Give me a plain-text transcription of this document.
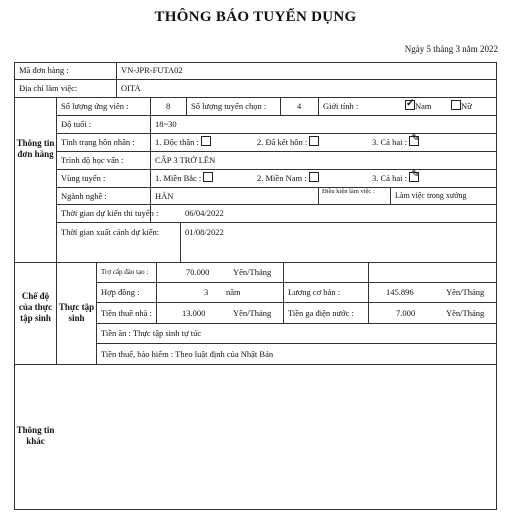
THÔNG BÁO TUYỂN DỤNG
Ngày 5 tháng 3 năm 2022
Mã đơn hàng :	VN-JPR-FUTA02
Địa chỉ làm việc:	OITA
Thông tin đơn hàng
Chế độ của thực tập sinh
Thực tập sinh
Thông tin khác
Số lượng ứng viên :	8 Số lượng tuyển chọn :	4	Giới tính :
✓	Nam	Nữ
Độ tuổi :	18~30
Tình trạng hôn nhân : 1. Độc thân :	2. Đã kết hôn :	3. Cả hai : ✎
Trình độ học vấn :	CẤP 3 TRỞ LÊN
Vùng tuyển :	1. Miền Bắc :	2. Miền Nam :	3. Cả hai : ✎
Ngành nghề :	HÀN	Điều kiện làm việc :	Làm việc trong xưởng
Thời gian dự kiến thi tuyển :
01/08/2022
Thời gian xuất cảnh dự kiến:
06/04/2022
Trợ cấp đào tạo :	70.000	Yên/Tháng
Hợp đồng :	3 năm	Lương cơ bản :	145.896	Yên/Tháng
Tiền thuê nhà :	13.000	Yên/Tháng Tiền ga điện nước :	7.000	Yên/Tháng
Tiền ăn : Thực tập sinh tự túc
Tiền thuế, bảo hiểm : Theo luật định của Nhật Bản
